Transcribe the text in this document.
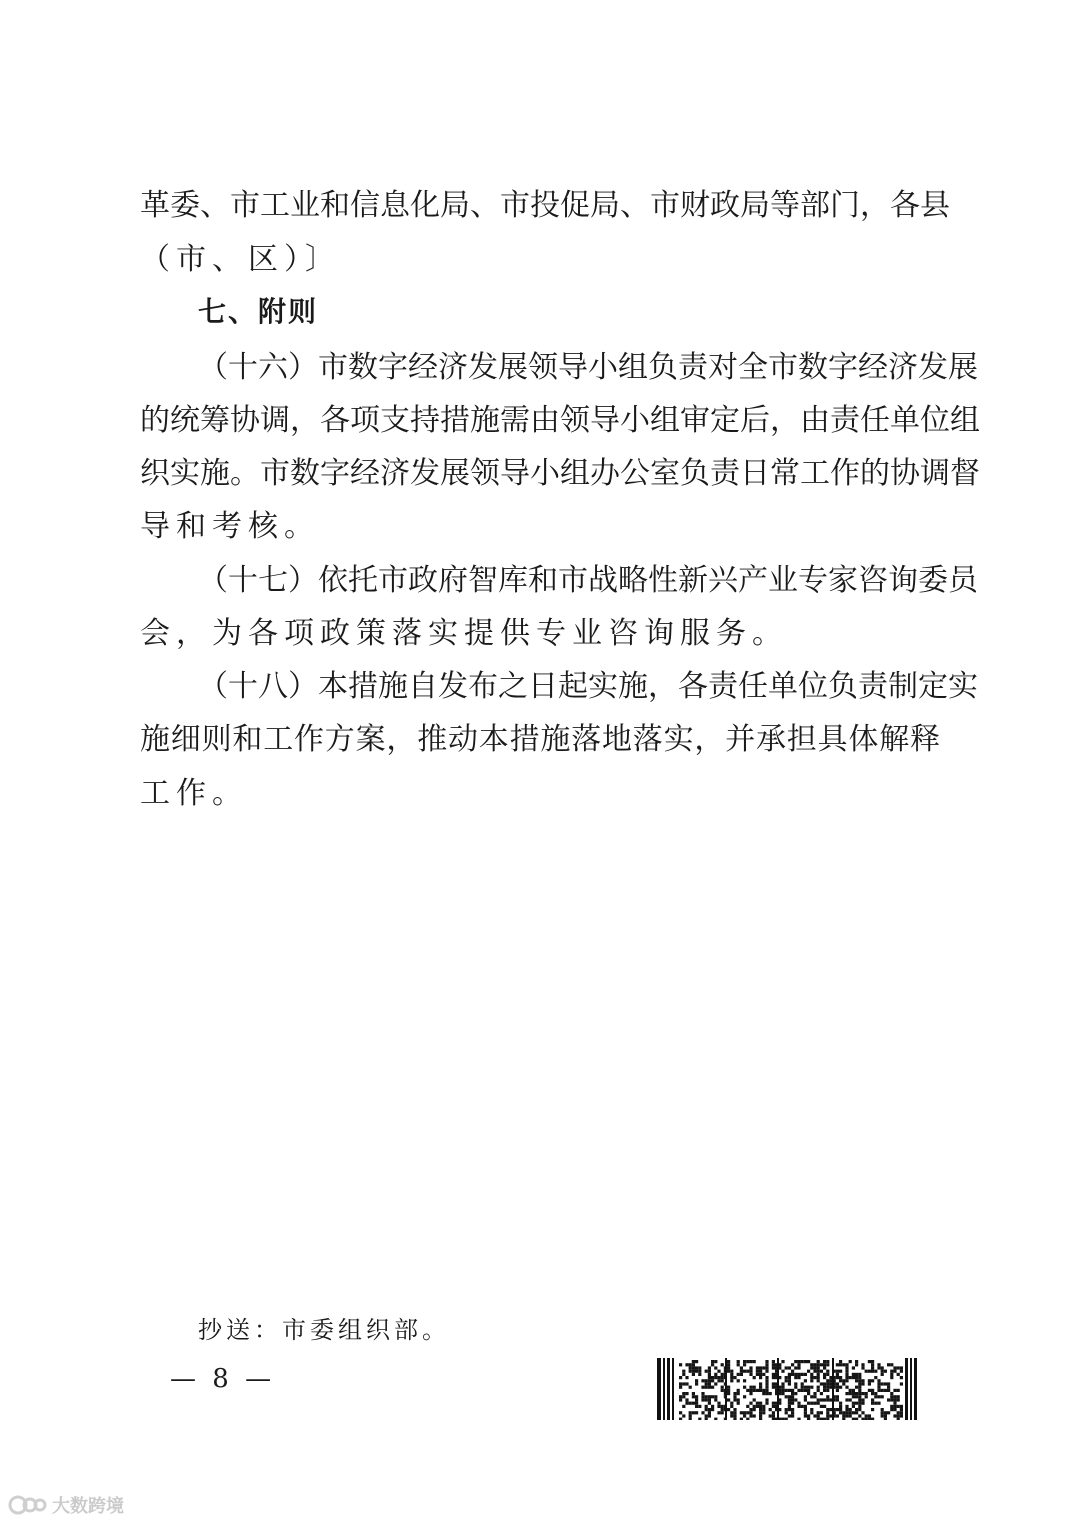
革委、市工业和信息化局、市投促局、市财政局等部门，各县
（市、区）〕
七、附则
（十六）市数字经济发展领导小组负责对全市数字经济发展
的统筹协调，各项支持措施需由领导小组审定后，由责任单位组
织实施。市数字经济发展领导小组办公室负责日常工作的协调督
导和考核。
（十七）依托市政府智库和市战略性新兴产业专家咨询委员
会，为各项政策落实提供专业咨询服务。
（十八）本措施自发布之日起实施，各责任单位负责制定实
施细则和工作方案，推动本措施落地落实，并承担具体解释
工作。
抄送：市委组织部。
— 8 —
大数跨境
